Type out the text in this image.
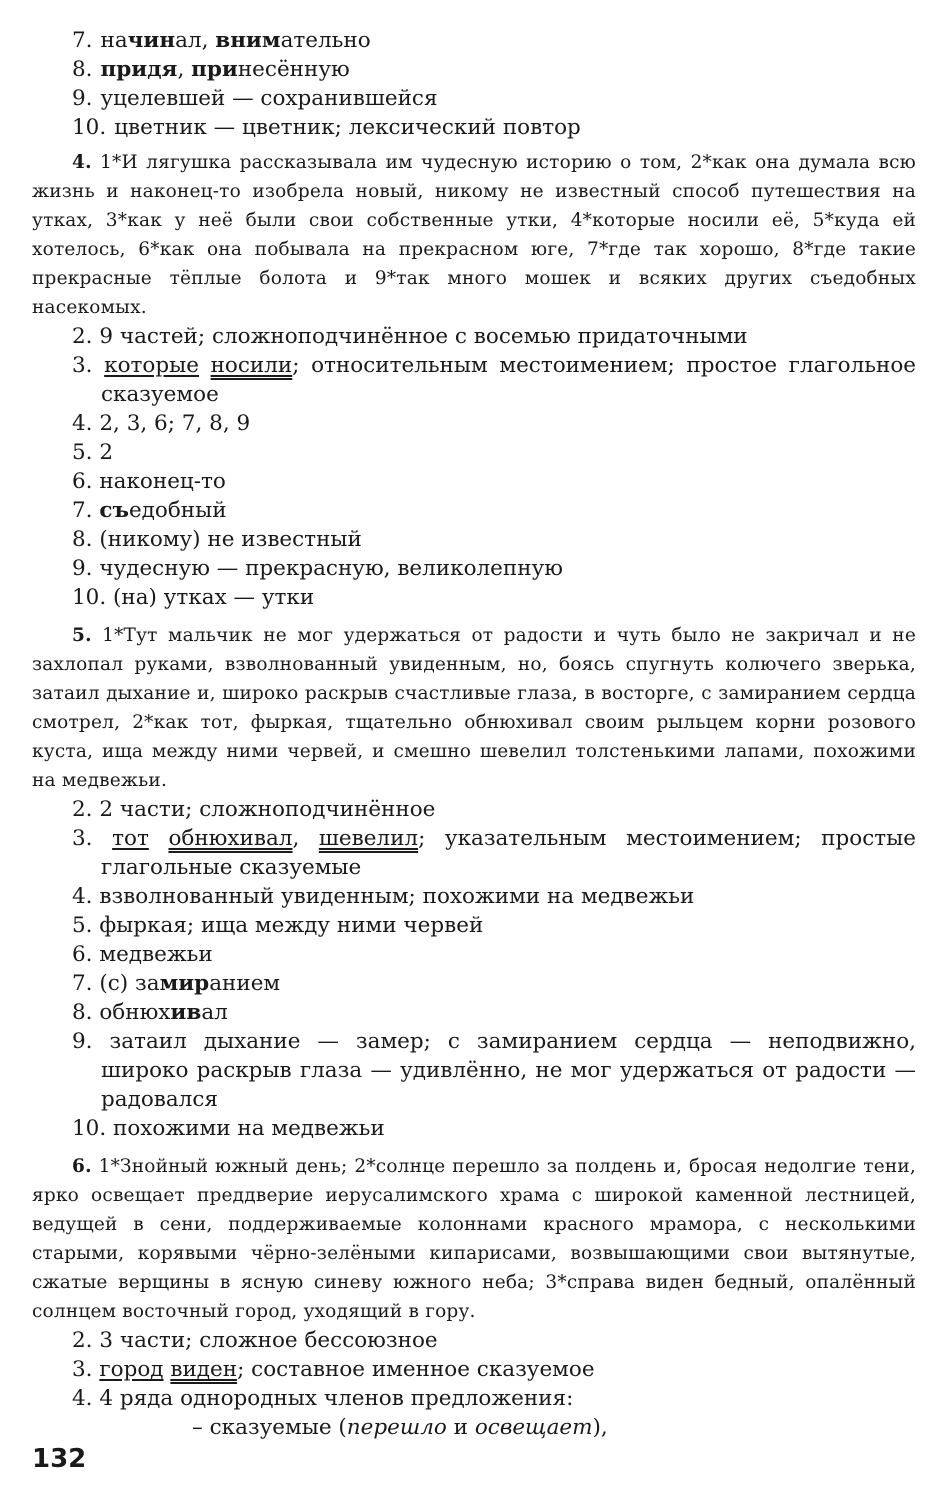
7. начинал, внимательно

8. придя, принесённую

9. уцелевшей — сохранившейся

10. цветник — цветник; лексический повтор

4. 1*И лягушка рассказывала им чудесную историю о том, 2*как она думала всю жизнь и наконец-то изобрела новый, никому не известный способ путешествия на утках, 3*как у неё были свои собственные утки, 4*которые носили её, 5*куда ей хотелось, 6*как она побывала на прекрасном юге, 7*где так хорошо, 8*где такие прекрасные тёплые болота и 9*так много мошек и всяких других съедобных насекомых.

2. 9 частей; сложноподчинённое с восемью придаточными

3. которые носили; относительным местоимением; простое глагольное сказуемое

4. 2, 3, 6; 7, 8, 9

5. 2

6. наконец-то

7. съедобный

8. (никому) не известный

9. чудесную — прекрасную, великолепную

10. (на) утках — утки

5. 1*Тут мальчик не мог удержаться от радости и чуть было не закричал и не захлопал руками, взволнованный увиденным, но, боясь спугнуть колючего зверька, затаил дыхание и, широко раскрыв счастливые глаза, в восторге, с замиранием сердца смотрел, 2*как тот, фыркая, тщательно обнюхивал своим рыльцем корни розового куста, ища между ними червей, и смешно шевелил толстенькими лапами, похожими на медвежьи.

2. 2 части; сложноподчинённое

3. тот обнюхивал, шевелил; указательным местоимением; простые глагольные сказуемые

4. взволнованный увиденным; похожими на медвежьи

5. фыркая; ища между ними червей

6. медвежьи

7. (с) замиранием

8. обнюхивал

9. затаил дыхание — замер; с замиранием сердца — неподвижно, широко раскрыв глаза — удивлённо, не мог удержаться от радости — радовался

10. похожими на медвежьи

6. 1*Знойный южный день; 2*солнце перешло за полдень и, бросая недолгие тени, ярко освещает преддверие иерусалимского храма с широкой каменной лестницей, ведущей в сени, поддерживаемые колоннами красного мрамора, с несколькими старыми, корявыми чёрно-зелёными кипарисами, возвышающими свои вытянутые, сжатые верщины в ясную синеву южного неба; 3*справа виден бедный, опалённый солнцем восточный город, уходящий в гору.

2. 3 части; сложное бессоюзное

3. город виден; составное именное сказуемое

4. 4 ряда однородных членов предложения:

– сказуемые (перешло и освещает),

132
